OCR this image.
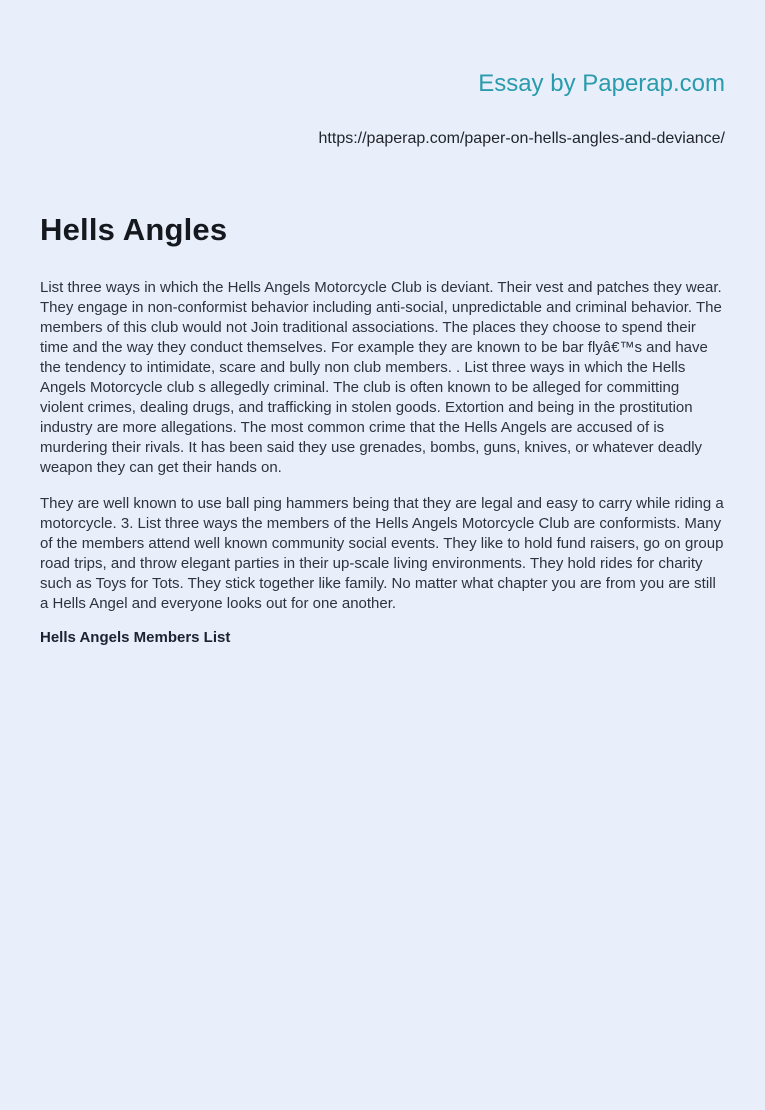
Essay by Paperap.com
https://paperap.com/paper-on-hells-angles-and-deviance/
Hells Angles

List three ways in which the Hells Angels Motorcycle Club is deviant. Their vest and patches they wear. They engage in non-conformist behavior including anti-social, unpredictable and criminal behavior. The members of this club would not Join traditional associations. The places they choose to spend their time and the way they conduct themselves. For example they are known to be bar flyâ€™s and have the tendency to intimidate, scare and bully non club members. . List three ways in which the Hells Angels Motorcycle club s allegedly criminal. The club is often known to be alleged for committing violent crimes, dealing drugs, and trafficking in stolen goods. Extortion and being in the prostitution industry are more allegations. The most common crime that the Hells Angels are accused of is murdering their rivals. It has been said they use grenades, bombs, guns, knives, or whatever deadly weapon they can get their hands on.

They are well known to use ball ping hammers being that they are legal and easy to carry while riding a motorcycle. 3. List three ways the members of the Hells Angels Motorcycle Club are conformists. Many of the members attend well known community social events. They like to hold fund raisers, go on group road trips, and throw elegant parties in their up-scale living environments. They hold rides for charity such as Toys for Tots. They stick together like family. No matter what chapter you are from you are still a Hells Angel and everyone looks out for one another.

Hells Angels Members List
